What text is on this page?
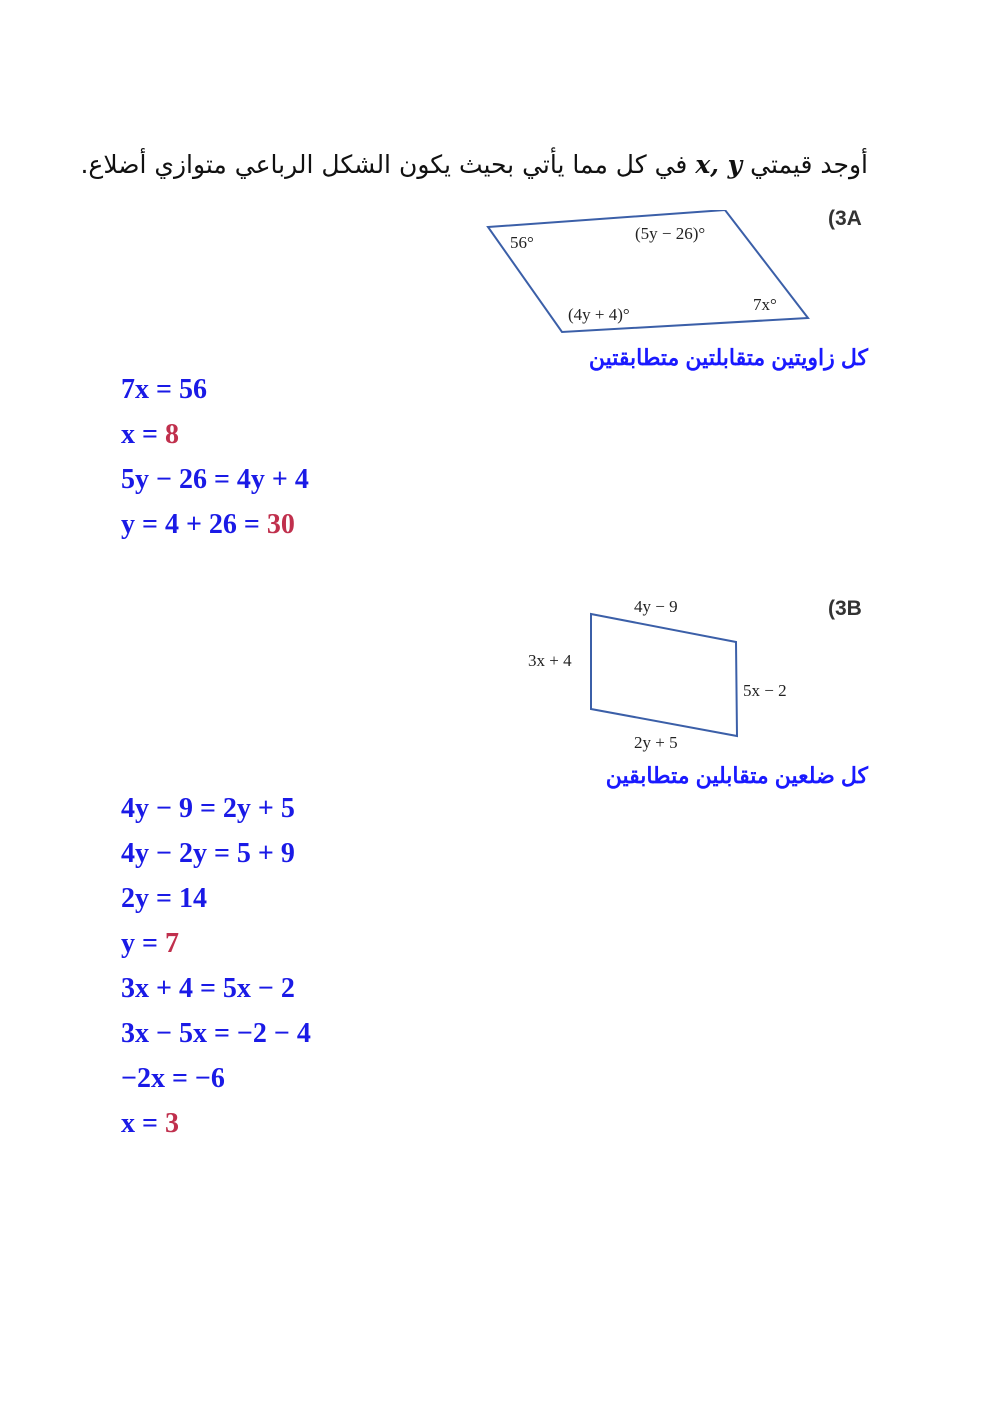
أوجد قيمتي x, y في كل مما يأتي بحيث يكون الشكل الرباعي متوازي أضلاع.
(3A
56°	(5y − 26)°
(4y + 4)°
7x°
كل زاويتين متقابلتين متطابقتين
7x = 56
x = 8
5y − 26 = 4y + 4
y = 4 + 26 = 30
(3B
4y − 9
3x + 4
5x − 2
2y + 5
كل ضلعين متقابلين متطابقين
4y − 9 = 2y + 5
4y − 2y = 5 + 9
2y = 14
y = 7
3x + 4 = 5x − 2
3x − 5x = −2 − 4
−2x = −6
x = 3
